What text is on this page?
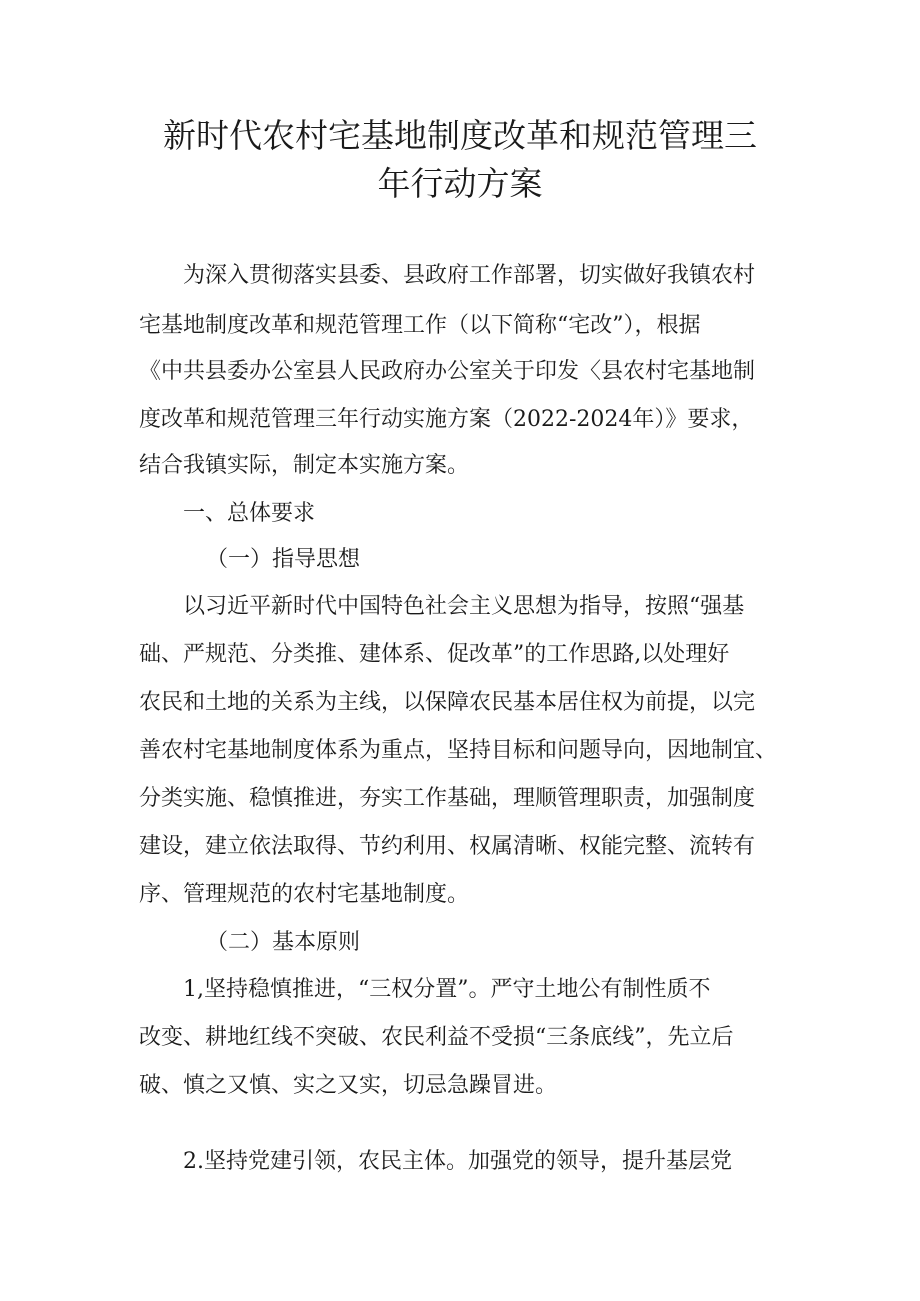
新时代农村宅基地制度改革和规范管理三
年行动方案
为深入贯彻落实县委、县政府工作部署，切实做好我镇农村
宅基地制度改革和规范管理工作（以下简称“宅改”），根据
《中共县委办公室县人民政府办公室关于印发〈县农村宅基地制
度改革和规范管理三年行动实施方案（2022-2024年）》要求，
结合我镇实际，制定本实施方案。
一、总体要求
（一）指导思想
以习近平新时代中国特色社会主义思想为指导，按照“强基
础、严规范、分类推、建体系、促改革”的工作思路,以处理好
农民和土地的关系为主线，以保障农民基本居住权为前提，以完
善农村宅基地制度体系为重点，坚持目标和问题导向，因地制宜、
分类实施、稳慎推进，夯实工作基础，理顺管理职责，加强制度
建设，建立依法取得、节约利用、权属清晰、权能完整、流转有
序、管理规范的农村宅基地制度。
（二）基本原则
1,坚持稳慎推进，“三权分置”。严守土地公有制性质不
改变、耕地红线不突破、农民利益不受损“三条底线”，先立后
破、慎之又慎、实之又实，切忌急躁冒进。
2.坚持党建引领，农民主体。加强党的领导，提升基层党
